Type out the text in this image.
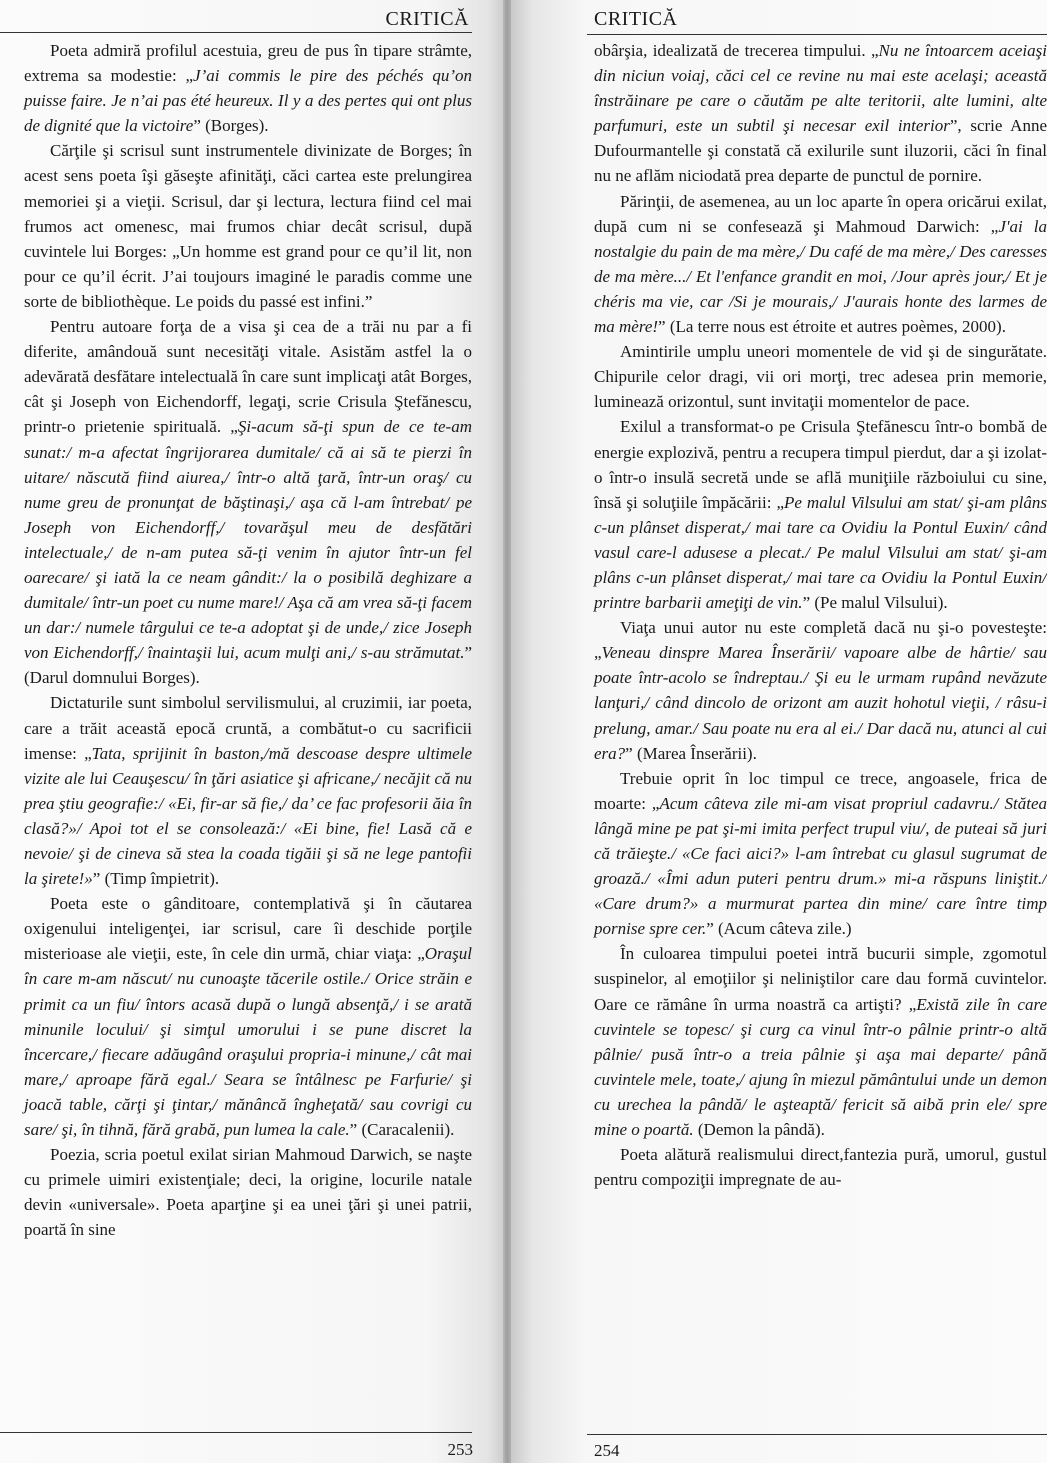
CRITICĂ

Poeta admiră profilul acestuia, greu de pus în tipare strâmte, extrema sa modestie: „J’ai commis le pire des péchés qu’on puisse faire. Je n’ai pas été heureux. Il y a des pertes qui ont plus de dignité que la victoire” (Borges).

Cărţile şi scrisul sunt instrumentele divinizate de Borges; în acest sens poeta îşi găseşte afinităţi, căci cartea este prelungirea memoriei şi a vieţii. Scrisul, dar şi lectura, lectura fiind cel mai frumos act omenesc, mai frumos chiar decât scrisul, după cuvintele lui Borges: „Un homme est grand pour ce qu’il lit, non pour ce qu’il écrit. J’ai toujours imaginé le paradis comme une sorte de bibliothèque. Le poids du passé est infini.”

Pentru autoare forţa de a visa şi cea de a trăi nu par a fi diferite, amândouă sunt necesităţi vitale. Asistăm astfel la o adevărată desfătare intelectuală în care sunt implicaţi atât Borges, cât şi Joseph von Eichendorff, legaţi, scrie Crisula Ştefănescu, printr-o prietenie spirituală. „Şi-acum să-ţi spun de ce te-am sunat:/ m-a afectat îngrijorarea dumitale/ că ai să te pierzi în uitare/ născută fiind aiurea,/ într-o altă ţară, într-un oraş/ cu nume greu de pronunţat de băştinaşi,/ aşa că l-am întrebat/ pe Joseph von Eichendorff,/ tovarăşul meu de desfătări intelectuale,/ de n-am putea să-ţi venim în ajutor într-un fel oarecare/ şi iată la ce neam gândit:/ la o posibilă deghizare a dumitale/ într-un poet cu nume mare!/ Aşa că am vrea să-ţi facem un dar:/ numele târgului ce te-a adoptat şi de unde,/ zice Joseph von Eichendorff,/ înaintaşii lui, acum mulţi ani,/ s-au strămutat.” (Darul domnului Borges).

Dictaturile sunt simbolul servilismului, al cruzimii, iar poeta, care a trăit această epocă cruntă, a combătut-o cu sacrificii imense: „Tata, sprijinit în baston,/mă descoase despre ultimele vizite ale lui Ceauşescu/ în ţări asiatice şi africane,/ necăjit că nu prea ştiu geografie:/ «Ei, fir-ar să fie,/ da’ ce fac profesorii ăia în clasă?»/ Apoi tot el se consolează:/ «Ei bine, fie! Lasă că e nevoie/ şi de cineva să stea la coada tigăii şi să ne lege pantofii la şirete!»” (Timp împietrit).

Poeta este o gânditoare, contemplativă şi în căutarea oxigenului inteligenţei, iar scrisul, care îi deschide porţile misterioase ale vieţii, este, în cele din urmă, chiar viaţa: „Oraşul în care m-am născut/ nu cunoaşte tăcerile ostile./ Orice străin e primit ca un fiu/ întors acasă după o lungă absenţă,/ i se arată minunile locului/ şi simţul umorului i se pune discret la încercare,/ fiecare adăugând oraşului propria-i minune,/ cât mai mare,/ aproape fără egal./ Seara se întâlnesc pe Farfurie/ şi joacă table, cărţi şi ţintar,/ mănâncă îngheţată/ sau covrigi cu sare/ şi, în tihnă, fără grabă, pun lumea la cale.” (Caracalenii).

Poezia, scria poetul exilat sirian Mahmoud Darwich, se naşte cu primele uimiri existenţiale; deci, la origine, locurile natale devin «universale». Poeta aparţine şi ea unei ţări şi unei patrii, poartă în sine

253
CRITICĂ

obârşia, idealizată de trecerea timpului. „Nu ne întoarcem aceiaşi din niciun voiaj, căci cel ce revine nu mai este acelaşi; această înstrăinare pe care o căutăm pe alte teritorii, alte lumini, alte parfumuri, este un subtil şi necesar exil interior”, scrie Anne Dufourmantelle şi constată că exilurile sunt iluzorii, căci în final nu ne aflăm niciodată prea departe de punctul de pornire.

Părinţii, de asemenea, au un loc aparte în opera oricărui exilat, după cum ni se confesează şi Mahmoud Darwich: „J'ai la nostalgie du pain de ma mère,/ Du café de ma mère,/ Des caresses de ma mère.../ Et l'enfance grandit en moi, /Jour après jour,/ Et je chéris ma vie, car /Si je mourais,/ J'aurais honte des larmes de ma mère!” (La terre nous est étroite et autres poèmes, 2000).

Amintirile umplu uneori momentele de vid şi de singurătate. Chipurile celor dragi, vii ori morţi, trec adesea prin memorie, luminează orizontul, sunt invitaţii momentelor de pace.

Exilul a transformat-o pe Crisula Ştefănescu într-o bombă de energie explozivă, pentru a recupera timpul pierdut, dar a şi izolat-o într-o insulă secretă unde se află muniţiile războiului cu sine, însă şi soluţiile împăcării: „Pe malul Vilsului am stat/ şi-am plâns c-un plânset disperat,/ mai tare ca Ovidiu la Pontul Euxin/ când vasul care-l adusese a plecat./ Pe malul Vilsului am stat/ şi-am plâns c-un plânset disperat,/ mai tare ca Ovidiu la Pontul Euxin/ printre barbarii ameţiţi de vin.” (Pe malul Vilsului).

Viaţa unui autor nu este completă dacă nu şi-o povesteşte: „Veneau dinspre Marea Înserării/ vapoare albe de hârtie/ sau poate într-acolo se îndreptau./ Şi eu le urmam rupând nevăzute lanţuri,/ când dincolo de orizont am auzit hohotul vieţii, / râsu-i prelung, amar./ Sau poate nu era al ei./ Dar dacă nu, atunci al cui era?” (Marea Înserării).

Trebuie oprit în loc timpul ce trece, angoasele, frica de moarte: „Acum câteva zile mi-am visat propriul cadavru./ Stătea lângă mine pe pat şi-mi imita perfect trupul viu/, de puteai să juri că trăieşte./ «Ce faci aici?» l-am întrebat cu glasul sugrumat de groază./ «Îmi adun puteri pentru drum.» mi-a răspuns liniştit./ «Care drum?» a murmurat partea din mine/ care între timp pornise spre cer.” (Acum câteva zile.)

În culoarea timpului poetei intră bucurii simple, zgomotul suspinelor, al emoţiilor şi neliniştilor care dau formă cuvintelor. Oare ce rămâne în urma noastră ca artişti? „Există zile în care cuvintele se topesc/ şi curg ca vinul într-o pâlnie printr-o altă pâlnie/ pusă într-o a treia pâlnie şi aşa mai departe/ până cuvintele mele, toate,/ ajung în miezul pământului unde un demon cu urechea la pândă/ le aşteaptă/ fericit să aibă prin ele/ spre mine o poartă. (Demon la pândă).

Poeta alătură realismului direct,fantezia pură, umorul, gustul pentru compoziţii impregnate de au-

254
